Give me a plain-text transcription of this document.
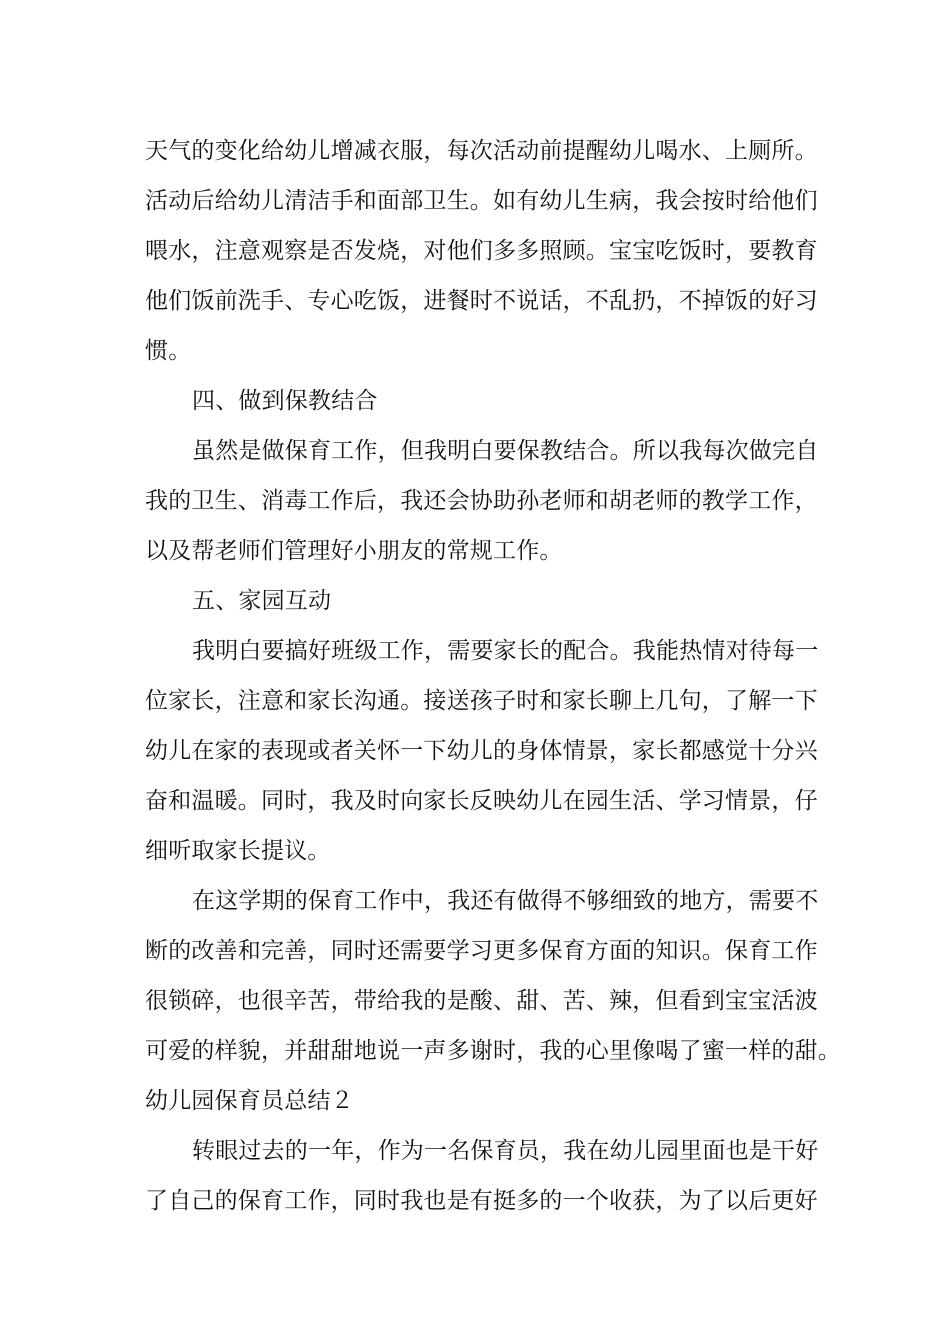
天气的变化给幼儿增减衣服，每次活动前提醒幼儿喝水、上厕所。
活动后给幼儿清洁手和面部卫生。如有幼儿生病，我会按时给他们
喂水，注意观察是否发烧，对他们多多照顾。宝宝吃饭时，要教育
他们饭前洗手、专心吃饭，进餐时不说话，不乱扔，不掉饭的好习
惯。
四、做到保教结合
虽然是做保育工作，但我明白要保教结合。所以我每次做完自
我的卫生、消毒工作后，我还会协助孙老师和胡老师的教学工作，
以及帮老师们管理好小朋友的常规工作。
五、家园互动
我明白要搞好班级工作，需要家长的配合。我能热情对待每一
位家长，注意和家长沟通。接送孩子时和家长聊上几句，了解一下
幼儿在家的表现或者关怀一下幼儿的身体情景，家长都感觉十分兴
奋和温暖。同时，我及时向家长反映幼儿在园生活、学习情景，仔
细听取家长提议。
在这学期的保育工作中，我还有做得不够细致的地方，需要不
断的改善和完善，同时还需要学习更多保育方面的知识。保育工作
很锁碎，也很辛苦，带给我的是酸、甜、苦、辣，但看到宝宝活波
可爱的样貌，并甜甜地说一声多谢时，我的心里像喝了蜜一样的甜。
幼儿园保育员总结２
转眼过去的一年，作为一名保育员，我在幼儿园里面也是干好
了自己的保育工作，同时我也是有挺多的一个收获，为了以后更好
